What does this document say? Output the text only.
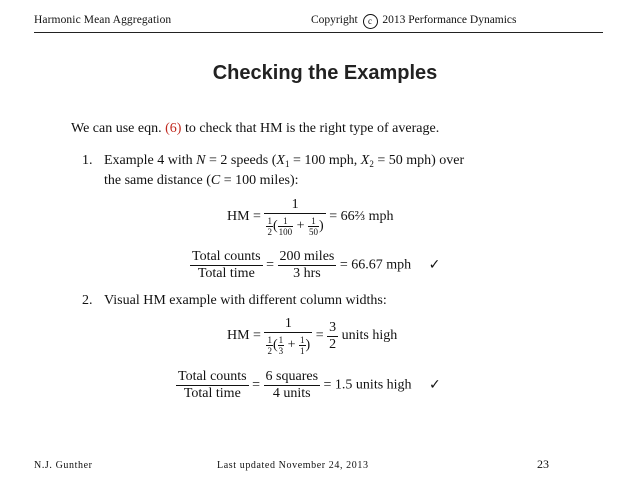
Harmonic Mean Aggregation	Copyright c 2013 Performance Dynamics
Checking the Examples
We can use eqn. (6) to check that HM is the right type of average.
1. Example 4 with N = 2 speeds ($X_1 = 100$ mph, $X_2 = 50$ mph) over
the same distance (C = 100 miles):
HM = $\frac{1}{\frac{1}{2} ( \frac{1}{100} + \frac{1}{50} )}$ = 66⅔ mph
$\frac{\text{Total counts}}{\text{Total time}} = \frac{\text{200 miles}}{\text{3 hrs}} = 66.67$ mph ✓
2. Visual HM example with different column widths:
HM = $\frac{1}{\frac{1}{2} ( \frac{1}{3} + \frac{1}{1} )} = \frac{3}{2}$ units high
$\frac{\text{Total counts}}{\text{Total time}} = \frac{\text{6 squares}}{\text{4 units}} = 1.5$ units high ✓
N.J. Gunther	Last updated November 24, 2013	23
